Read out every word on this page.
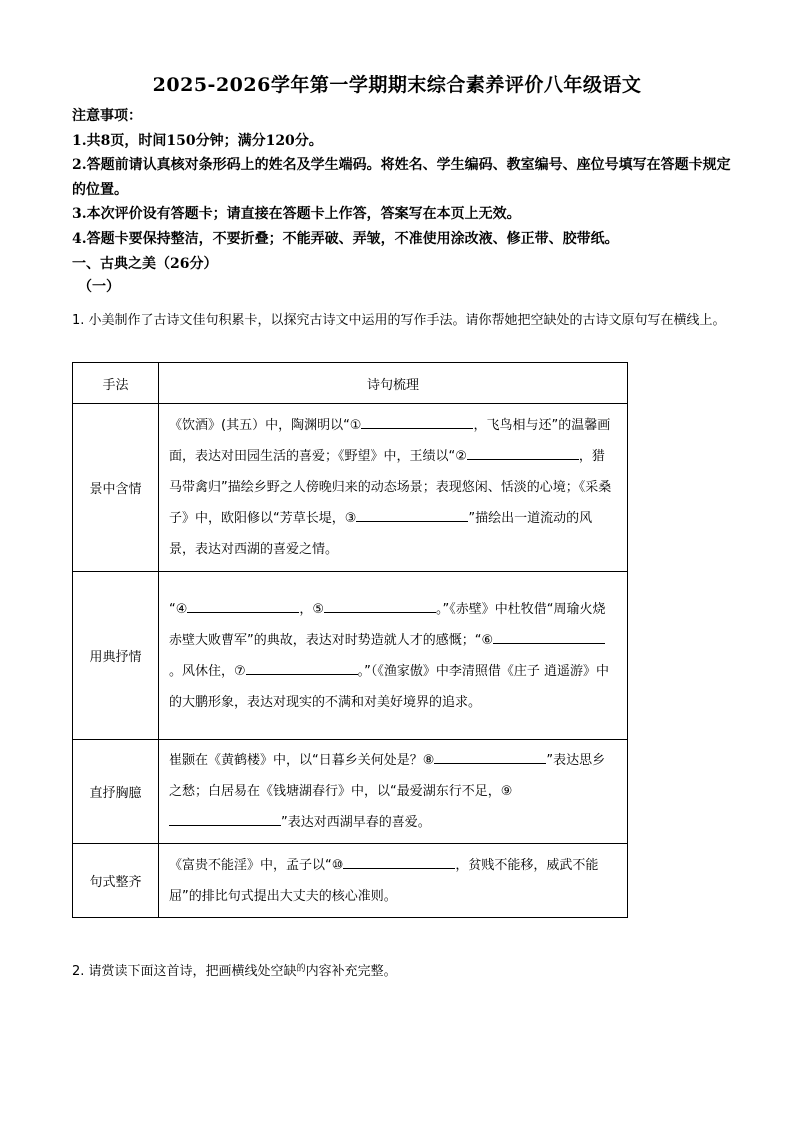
2025-2026学年第一学期期末综合素养评价八年级语文

注意事项：

1.共8页，时间150分钟；满分120分。

2.答题前请认真核对条形码上的姓名及学生端码。将姓名、学生编码、教室编号、座位号填写在答题卡规定的位置。

3.本次评价设有答题卡；请直接在答题卡上作答，答案写在本页上无效。

4.答题卡要保持整洁，不要折叠；不能弄破、弄皱，不准使用涂改液、修正带、胶带纸。

一、古典之美（26分）
（一）
1. 小美制作了古诗文佳句积累卡，以探究古诗文中运用的写作手法。请你帮她把空缺处的古诗文原句写在横线上。
手法	诗句梳理
景中含情	《饮酒》(其五）中，陶渊明以“① ，飞鸟相与还”的温馨画面，表达对田园生活的喜爱；《野望》中，王绩以“② ，猎马带禽归”描绘乡野之人傍晚归来的动态场景；表现悠闲、恬淡的心境；《采桑子》中，欧阳修以“芳草长堤，③ ”描绘出一道流动的风景，表达对西湖的喜爱之情。
用典抒情	“④ ，⑤ 。”《赤壁》中杜牧借“周瑜火烧赤壁大败曹军”的典故，表达对时势造就人才的感慨；“⑥。风休住，⑦ 。”（《渔家傲》中李清照借《庄子 逍遥游》中的大鹏形象，表达对现实的不满和对美好境界的追求。
直抒胸臆	崔颢在《黄鹤楼》中，以“日暮乡关何处是？⑧ ”表达思乡之愁；白居易在《钱塘湖春行》中，以“最爱湖东行不足，⑨”表达对西湖早春的喜爱。
句式整齐	《富贵不能淫》中，孟子以“⑩ ，贫贱不能移，威武不能屈”的排比句式提出大丈夫的核心准则。
2. 请赏读下面这首诗，把画横线处空缺$^的$内容补充完整。
